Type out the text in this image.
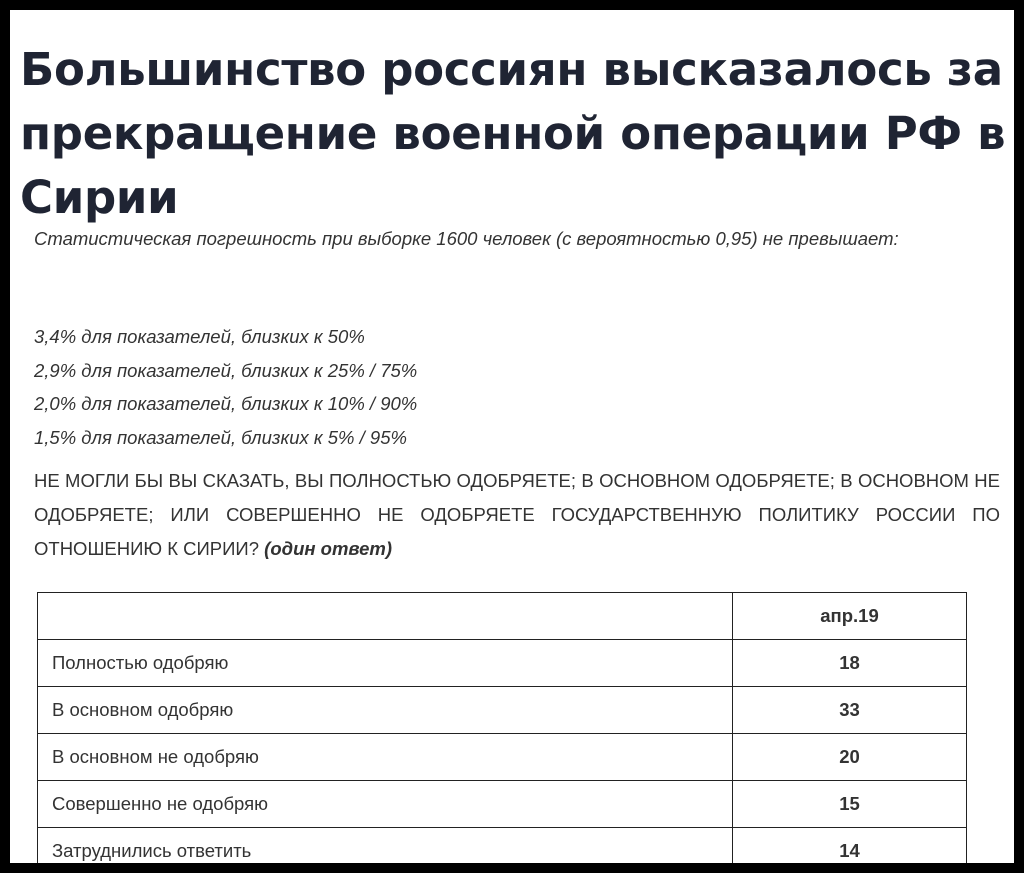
Большинство россиян высказалось за прекращение военной операции РФ в Сирии

Статистическая погрешность при выборке 1600 человек (с вероятностью 0,95) не превышает:

3,4% для показателей, близких к 50%
2,9% для показателей, близких к 25% / 75%
2,0% для показателей, близких к 10% / 90%
1,5% для показателей, близких к 5% / 95%

НЕ МОГЛИ БЫ ВЫ СКАЗАТЬ, ВЫ ПОЛНОСТЬЮ ОДОБРЯЕТЕ; В ОСНОВНОМ ОДОБРЯЕТЕ; В ОСНОВНОМ НЕ ОДОБРЯЕТЕ; ИЛИ СОВЕРШЕННО НЕ ОДОБРЯЕТЕ ГОСУДАРСТВЕННУЮ ПОЛИТИКУ РОССИИ ПО ОТНОШЕНИЮ К СИРИИ? (один ответ)

	апр.19
Полностью одобряю	18
В основном одобряю	33
В основном не одобряю	20
Совершенно не одобряю	15
Затруднились ответить	14
